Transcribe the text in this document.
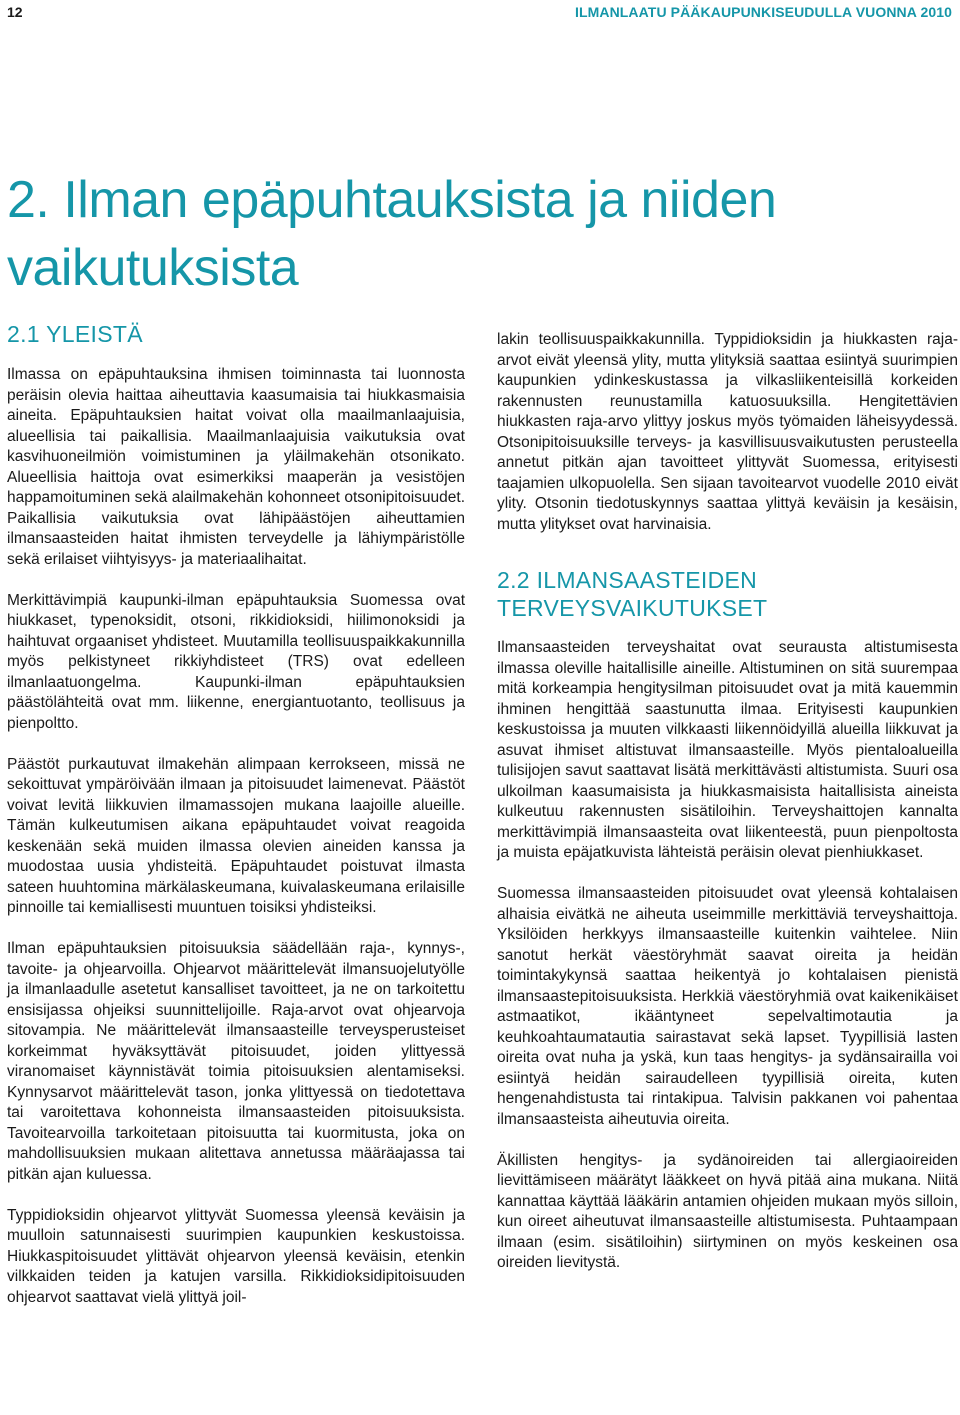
12	ILMANLAATU PÄÄKAUPUNKISEUDULLA VUONNA 2010
2. Ilman epäpuhtauksista ja niiden vaikutuksista
2.1 YLEISTÄ

Ilmassa on epäpuhtauksina ihmisen toiminnasta tai luonnosta peräisin olevia haittaa aiheuttavia kaasumaisia tai hiukkasmaisia aineita. Epäpuhtauksien haitat voivat olla maailmanlaajuisia, alueellisia tai paikallisia. Maailmanlaajuisia vaikutuksia ovat kasvihuoneilmiön voimistuminen ja yläilmakehän otsonikato. Alueellisia haittoja ovat esimerkiksi maaperän ja vesistöjen happamoituminen sekä alailmakehän kohonneet otsonipitoisuudet. Paikallisia vaikutuksia ovat lähipäästöjen aiheuttamien ilmansaasteiden haitat ihmisten terveydelle ja lähiympäristölle sekä erilaiset viihtyisyys- ja materiaalihaitat.

Merkittävimpiä kaupunki-ilman epäpuhtauksia Suomessa ovat hiukkaset, typenoksidit, otsoni, rikkidioksidi, hiilimonoksidi ja haihtuvat orgaaniset yhdisteet. Muutamilla teollisuuspaikkakunnilla myös pelkistyneet rikkiyhdisteet (TRS) ovat edelleen ilmanlaatuongelma. Kaupunki-ilman epäpuhtauksien päästölähteitä ovat mm. liikenne, energiantuotanto, teollisuus ja pienpoltto.

Päästöt purkautuvat ilmakehän alimpaan kerrokseen, missä ne sekoittuvat ympäröivään ilmaan ja pitoisuudet laimenevat. Päästöt voivat levitä liikkuvien ilmamassojen mukana laajoille alueille. Tämän kulkeutumisen aikana epäpuhtaudet voivat reagoida keskenään sekä muiden ilmassa olevien aineiden kanssa ja muodostaa uusia yhdisteitä. Epäpuhtaudet poistuvat ilmasta sateen huuhtomina märkälaskeumana, kuivalaskeumana erilaisille pinnoille tai kemiallisesti muuntuen toisiksi yhdisteiksi.

Ilman epäpuhtauksien pitoisuuksia säädellään raja-, kynnys-, tavoite- ja ohjearvoilla. Ohjearvot määrittelevät ilmansuojelutyölle ja ilmanlaadulle asetetut kansalliset tavoitteet, ja ne on tarkoitettu ensisijassa ohjeiksi suunnittelijoille. Raja-arvot ovat ohjearvoja sitovampia. Ne määrittelevät ilmansaasteille terveysperusteiset korkeimmat hyväksyttävät pitoisuudet, joiden ylittyessä viranomaiset käynnistävät toimia pitoisuuksien alentamiseksi. Kynnysarvot määrittelevät tason, jonka ylittyessä on tiedotettava tai varoitettava kohonneista ilmansaasteiden pitoisuuksista. Tavoitearvoilla tarkoitetaan pitoisuutta tai kuormitusta, joka on mahdollisuuksien mukaan alitettava annetussa määräajassa tai pitkän ajan kuluessa.

Typpidioksidin ohjearvot ylittyvät Suomessa yleensä keväisin ja muulloin satunnaisesti suurimpien kaupunkien keskustoissa. Hiukkaspitoisuudet ylittävät ohjearvon yleensä keväisin, etenkin vilkkaiden teiden ja katujen varsilla. Rikkidioksidipitoisuuden ohjearvot saattavat vielä ylittyä joil-

lakin teollisuuspaikkakunnilla. Typpidioksidin ja hiukkasten raja-arvot eivät yleensä ylity, mutta ylityksiä saattaa esiintyä suurimpien kaupunkien ydinkeskustassa ja vilkasliikenteisillä korkeiden rakennusten reunustamilla katuosuuksilla. Hengitettävien hiukkasten raja-arvo ylittyy joskus myös työmaiden läheisyydessä. Otsonipitoisuuksille terveys- ja kasvillisuusvaikutusten perusteella annetut pitkän ajan tavoitteet ylittyvät Suomessa, erityisesti taajamien ulkopuolella. Sen sijaan tavoitearvot vuodelle 2010 eivät ylity. Otsonin tiedotuskynnys saattaa ylittyä keväisin ja kesäisin, mutta ylitykset ovat harvinaisia.

2.2 ILMANSAASTEIDEN TERVEYSVAIKUTUKSET

Ilmansaasteiden terveyshaitat ovat seurausta altistumisesta ilmassa oleville haitallisille aineille. Altistuminen on sitä suurempaa mitä korkeampia hengitysilman pitoisuudet ovat ja mitä kauemmin ihminen hengittää saastunutta ilmaa. Erityisesti kaupunkien keskustoissa ja muuten vilkkaasti liikennöidyillä alueilla liikkuvat ja asuvat ihmiset altistuvat ilmansaasteille. Myös pientaloalueilla tulisijojen savut saattavat lisätä merkittävästi altistumista. Suuri osa ulkoilman kaasumaisista ja hiukkasmaisista haitallisista aineista kulkeutuu rakennusten sisätiloihin. Terveyshaittojen kannalta merkittävimpiä ilmansaasteita ovat liikenteestä, puun pienpoltosta ja muista epäjatkuvista lähteistä peräisin olevat pienhiukkaset.

Suomessa ilmansaasteiden pitoisuudet ovat yleensä kohtalaisen alhaisia eivätkä ne aiheuta useimmille merkittäviä terveyshaittoja. Yksilöiden herkkyys ilmansaasteille kuitenkin vaihtelee. Niin sanotut herkät väestöryhmät saavat oireita ja heidän toimintakykynsä saattaa heikentyä jo kohtalaisen pienistä ilmansaastepitoisuuksista. Herkkiä väestöryhmiä ovat kaikenikäiset astmaatikot, ikääntyneet sepelvaltimotautia ja keuhkoahtaumatautia sairastavat sekä lapset. Tyypillisiä lasten oireita ovat nuha ja yskä, kun taas hengitys- ja sydänsairailla voi esiintyä heidän sairaudelleen tyypillisiä oireita, kuten hengenahdistusta tai rintakipua. Talvisin pakkanen voi pahentaa ilmansaasteista aiheutuvia oireita.

Äkillisten hengitys- ja sydänoireiden tai allergiaoireiden lievittämiseen määrätyt lääkkeet on hyvä pitää aina mukana. Niitä kannattaa käyttää lääkärin antamien ohjeiden mukaan myös silloin, kun oireet aiheutuvat ilmansaasteille altistumisesta. Puhtaampaan ilmaan (esim. sisätiloihin) siirtyminen on myös keskeinen osa oireiden lievitystä.
